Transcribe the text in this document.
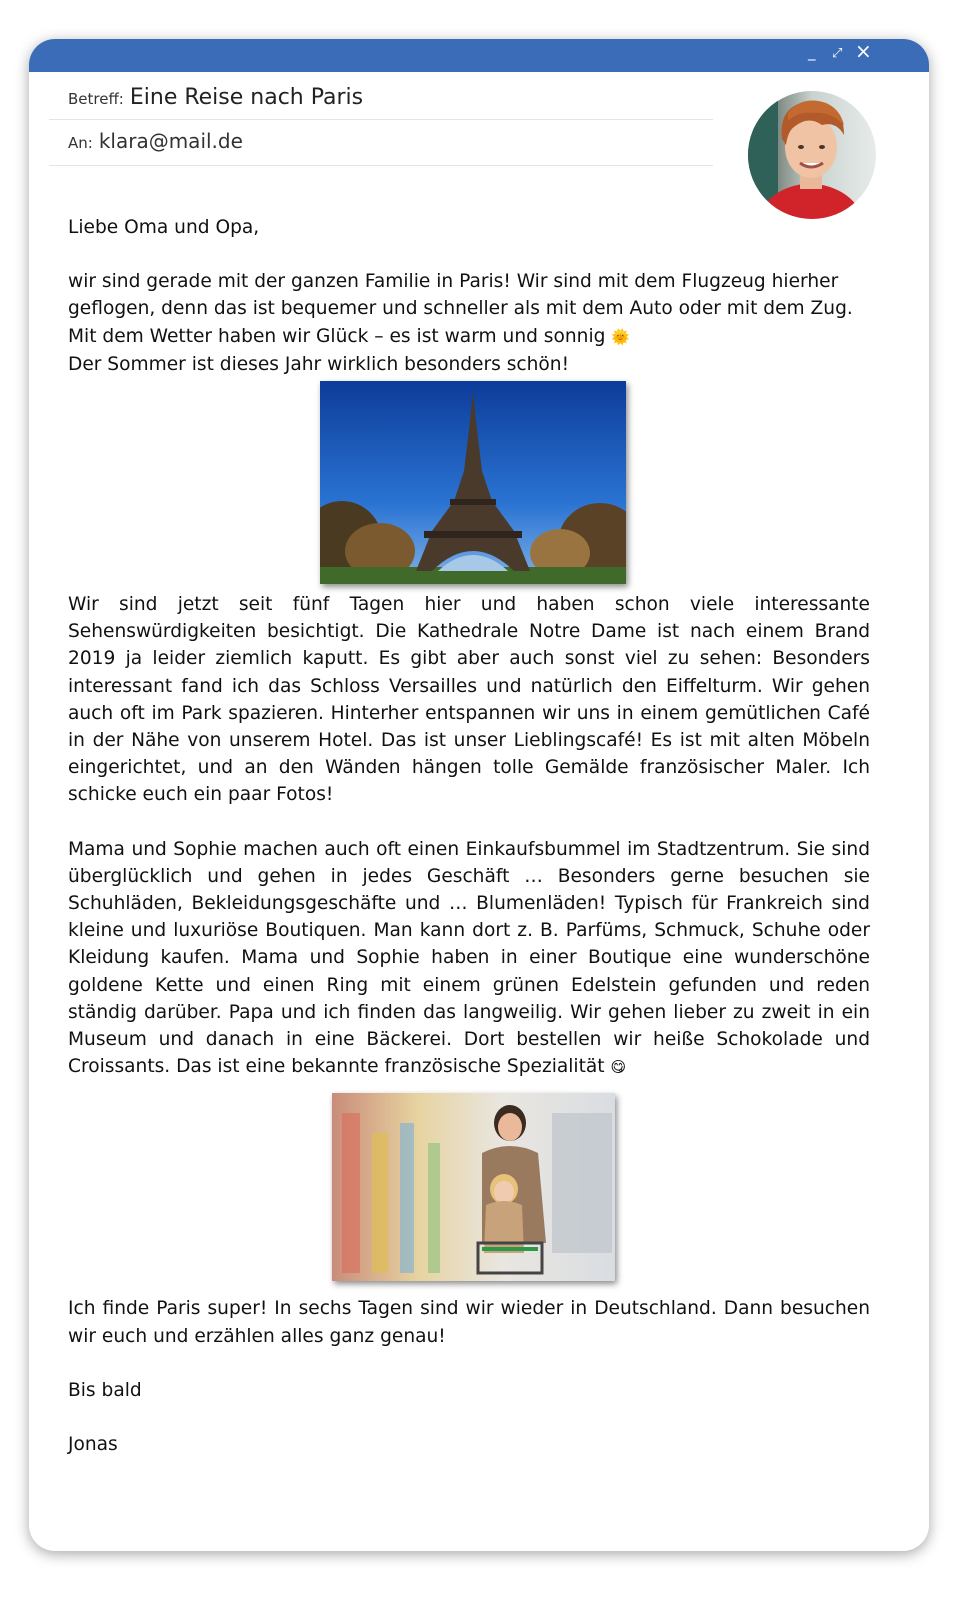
_ ⤢ ×
Betreff: Eine Reise nach Paris
An: klara@mail.de

Liebe Oma und Opa,

wir sind gerade mit der ganzen Familie in Paris! Wir sind mit dem Flugzeug hierher geflogen, denn das ist bequemer und schneller als mit dem Auto oder mit dem Zug. Mit dem Wetter haben wir Glück – es ist warm und sonnig 🌞
Der Sommer ist dieses Jahr wirklich besonders schön!

Wir sind jetzt seit fünf Tagen hier und haben schon viele interessante Sehenswürdigkeiten besichtigt. Die Kathedrale Notre Dame ist nach einem Brand 2019 ja leider ziemlich kaputt. Es gibt aber auch sonst viel zu sehen: Besonders interessant fand ich das Schloss Versailles und natürlich den Eiffelturm. Wir gehen auch oft im Park spazieren. Hinterher entspannen wir uns in einem gemütlichen Café in der Nähe von unserem Hotel. Das ist unser Lieblingscafé! Es ist mit alten Möbeln eingerichtet, und an den Wänden hängen tolle Gemälde französischer Maler. Ich schicke euch ein paar Fotos!

Mama und Sophie machen auch oft einen Einkaufsbummel im Stadtzentrum. Sie sind überglücklich und gehen in jedes Geschäft … Besonders gerne besuchen sie Schuhläden, Bekleidungsgeschäfte und … Blumenläden! Typisch für Frankreich sind kleine und luxuriöse Boutiquen. Man kann dort z. B. Parfüms, Schmuck, Schuhe oder Kleidung kaufen. Mama und Sophie haben in einer Boutique eine wunderschöne goldene Kette und einen Ring mit einem grünen Edelstein gefunden und reden ständig darüber. Papa und ich finden das langweilig. Wir gehen lieber zu zweit in ein Museum und danach in eine Bäckerei. Dort bestellen wir heiße Schokolade und Croissants. Das ist eine bekannte französische Spezialität 😋

Ich finde Paris super! In sechs Tagen sind wir wieder in Deutschland. Dann besuchen wir euch und erzählen alles ganz genau!

Bis bald

Jonas
